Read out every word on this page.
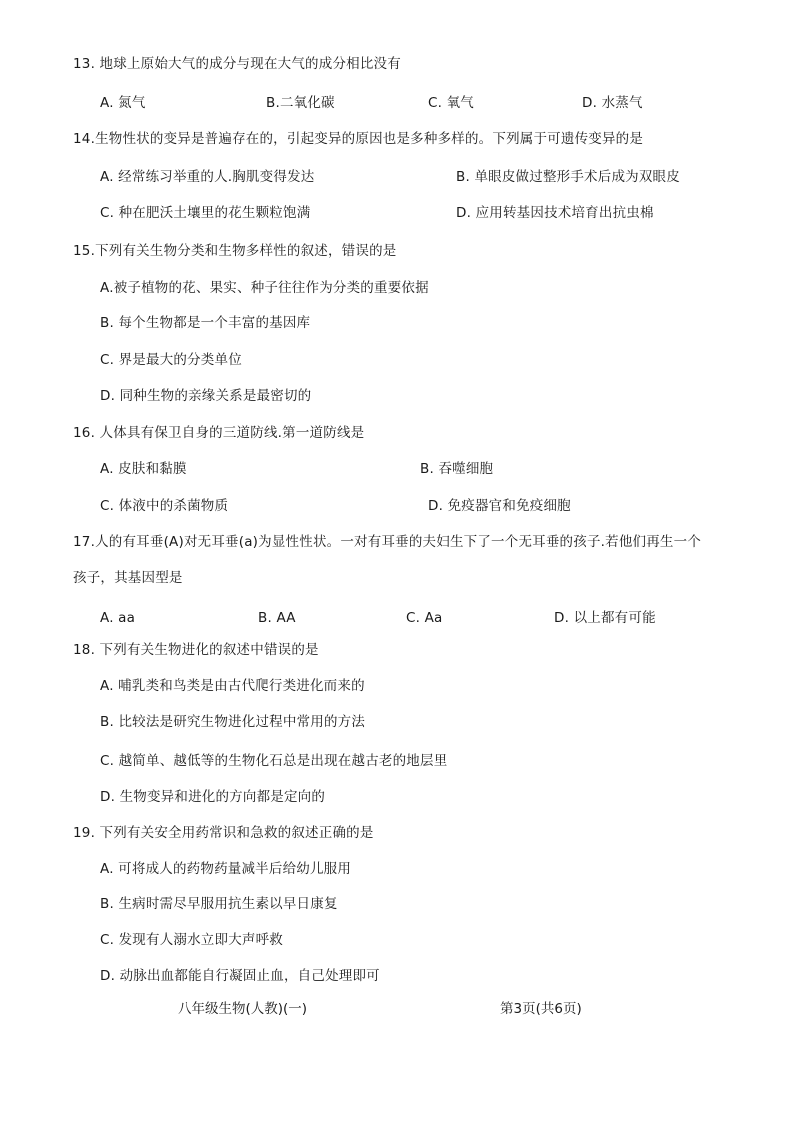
13. 地球上原始大气的成分与现在大气的成分相比没有
A. 氮气	B.二氧化碳	C. 氧气	D. 水蒸气
14.生物性状的变异是普遍存在的，引起变异的原因也是多种多样的。下列属于可遗传变异的是
A. 经常练习举重的人.胸肌变得发达	B. 单眼皮做过整形手术后成为双眼皮
C. 种在肥沃土壤里的花生颗粒饱满	D. 应用转基因技术培育出抗虫棉
15.下列有关生物分类和生物多样性的叙述，错误的是
A.被子植物的花、果实、种子往往作为分类的重要依据
B. 每个生物都是一个丰富的基因库
C. 界是最大的分类单位
D. 同种生物的亲缘关系是最密切的
16. 人体具有保卫自身的三道防线.第一道防线是
A. 皮肤和黏膜	B. 吞噬细胞
C. 体液中的杀菌物质	D. 免疫器官和免疫细胞
17.人的有耳垂(A)对无耳垂(a)为显性性状。一对有耳垂的夫妇生下了一个无耳垂的孩子.若他们再生一个
孩子，其基因型是
A. aa	B. AA	C. Aa	D. 以上都有可能
18. 下列有关生物进化的叙述中错误的是
A. 哺乳类和鸟类是由古代爬行类进化而来的
B. 比较法是研究生物进化过程中常用的方法
C. 越简单、越低等的生物化石总是出现在越古老的地层里
D. 生物变异和进化的方向都是定向的
19. 下列有关安全用药常识和急救的叙述正确的是
A. 可将成人的药物药量减半后给幼儿服用
B. 生病时需尽早服用抗生素以早日康复
C. 发现有人溺水立即大声呼救
D. 动脉出血都能自行凝固止血，自己处理即可
八年级生物(人教)(一)	第3页(共6页)
